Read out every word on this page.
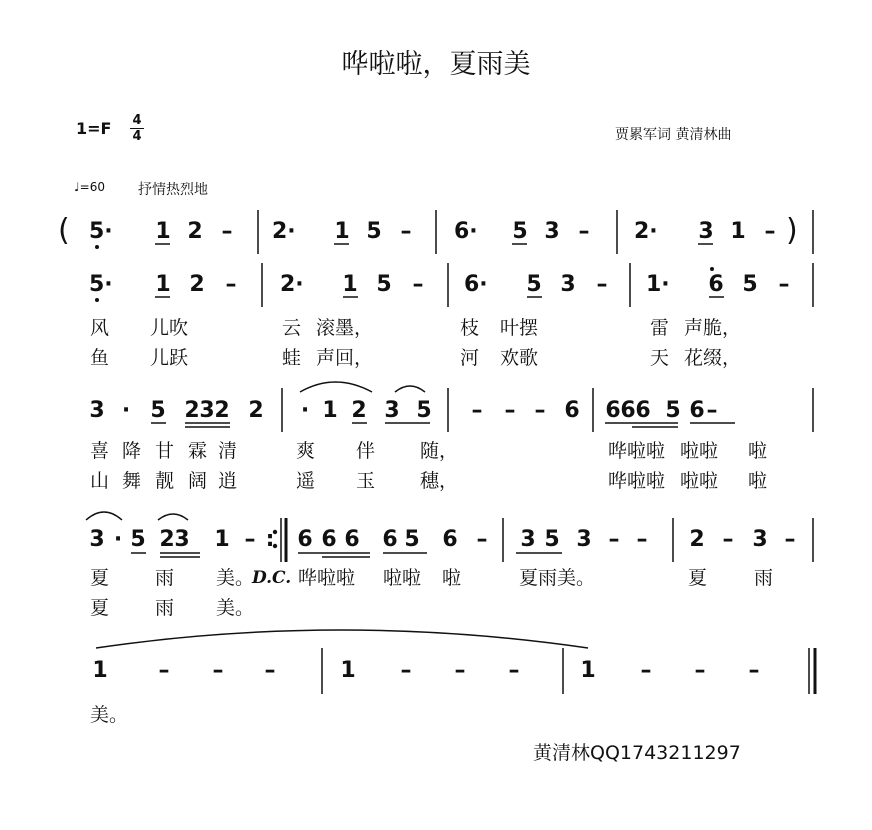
哗啦啦，夏雨美
1=F 4
4	贾累军词 黄清林曲
♩=60 抒情热烈地
(	)
5· 1 2 – 2· 1 5 – 6· 5 3 – 2· 3 1 –
5· 1 2 – 2· 1 5 – 6· 5 3 – 1· 6 5 –
3 · 5 2 3 2 2 · 1 2 3 5 – – – 6 6 6 6 5 6 –
3 · 5 2 3 1 – : 6 6 6 6 5 6 – 3 5 3 – – 2 – 3 –
1 – – –	1 – – –	1 – – –
风 儿吹	云 滚墨，	枝 叶摆	雷 声脆，
鱼 儿跃	蛙 声回，	河 欢歌	天 花缀，
喜 降 甘 霖 清	爽 伴 随，	哗啦啦 啦啦 啦
山 舞 靓 阔 逍	遥 玉 穗，	哗啦啦 啦啦 啦
夏 雨 美。
D.C. 哗啦啦 啦啦 啦	夏雨美。	夏 雨
夏 雨 美。
美。
黄清林QQ1743211297
